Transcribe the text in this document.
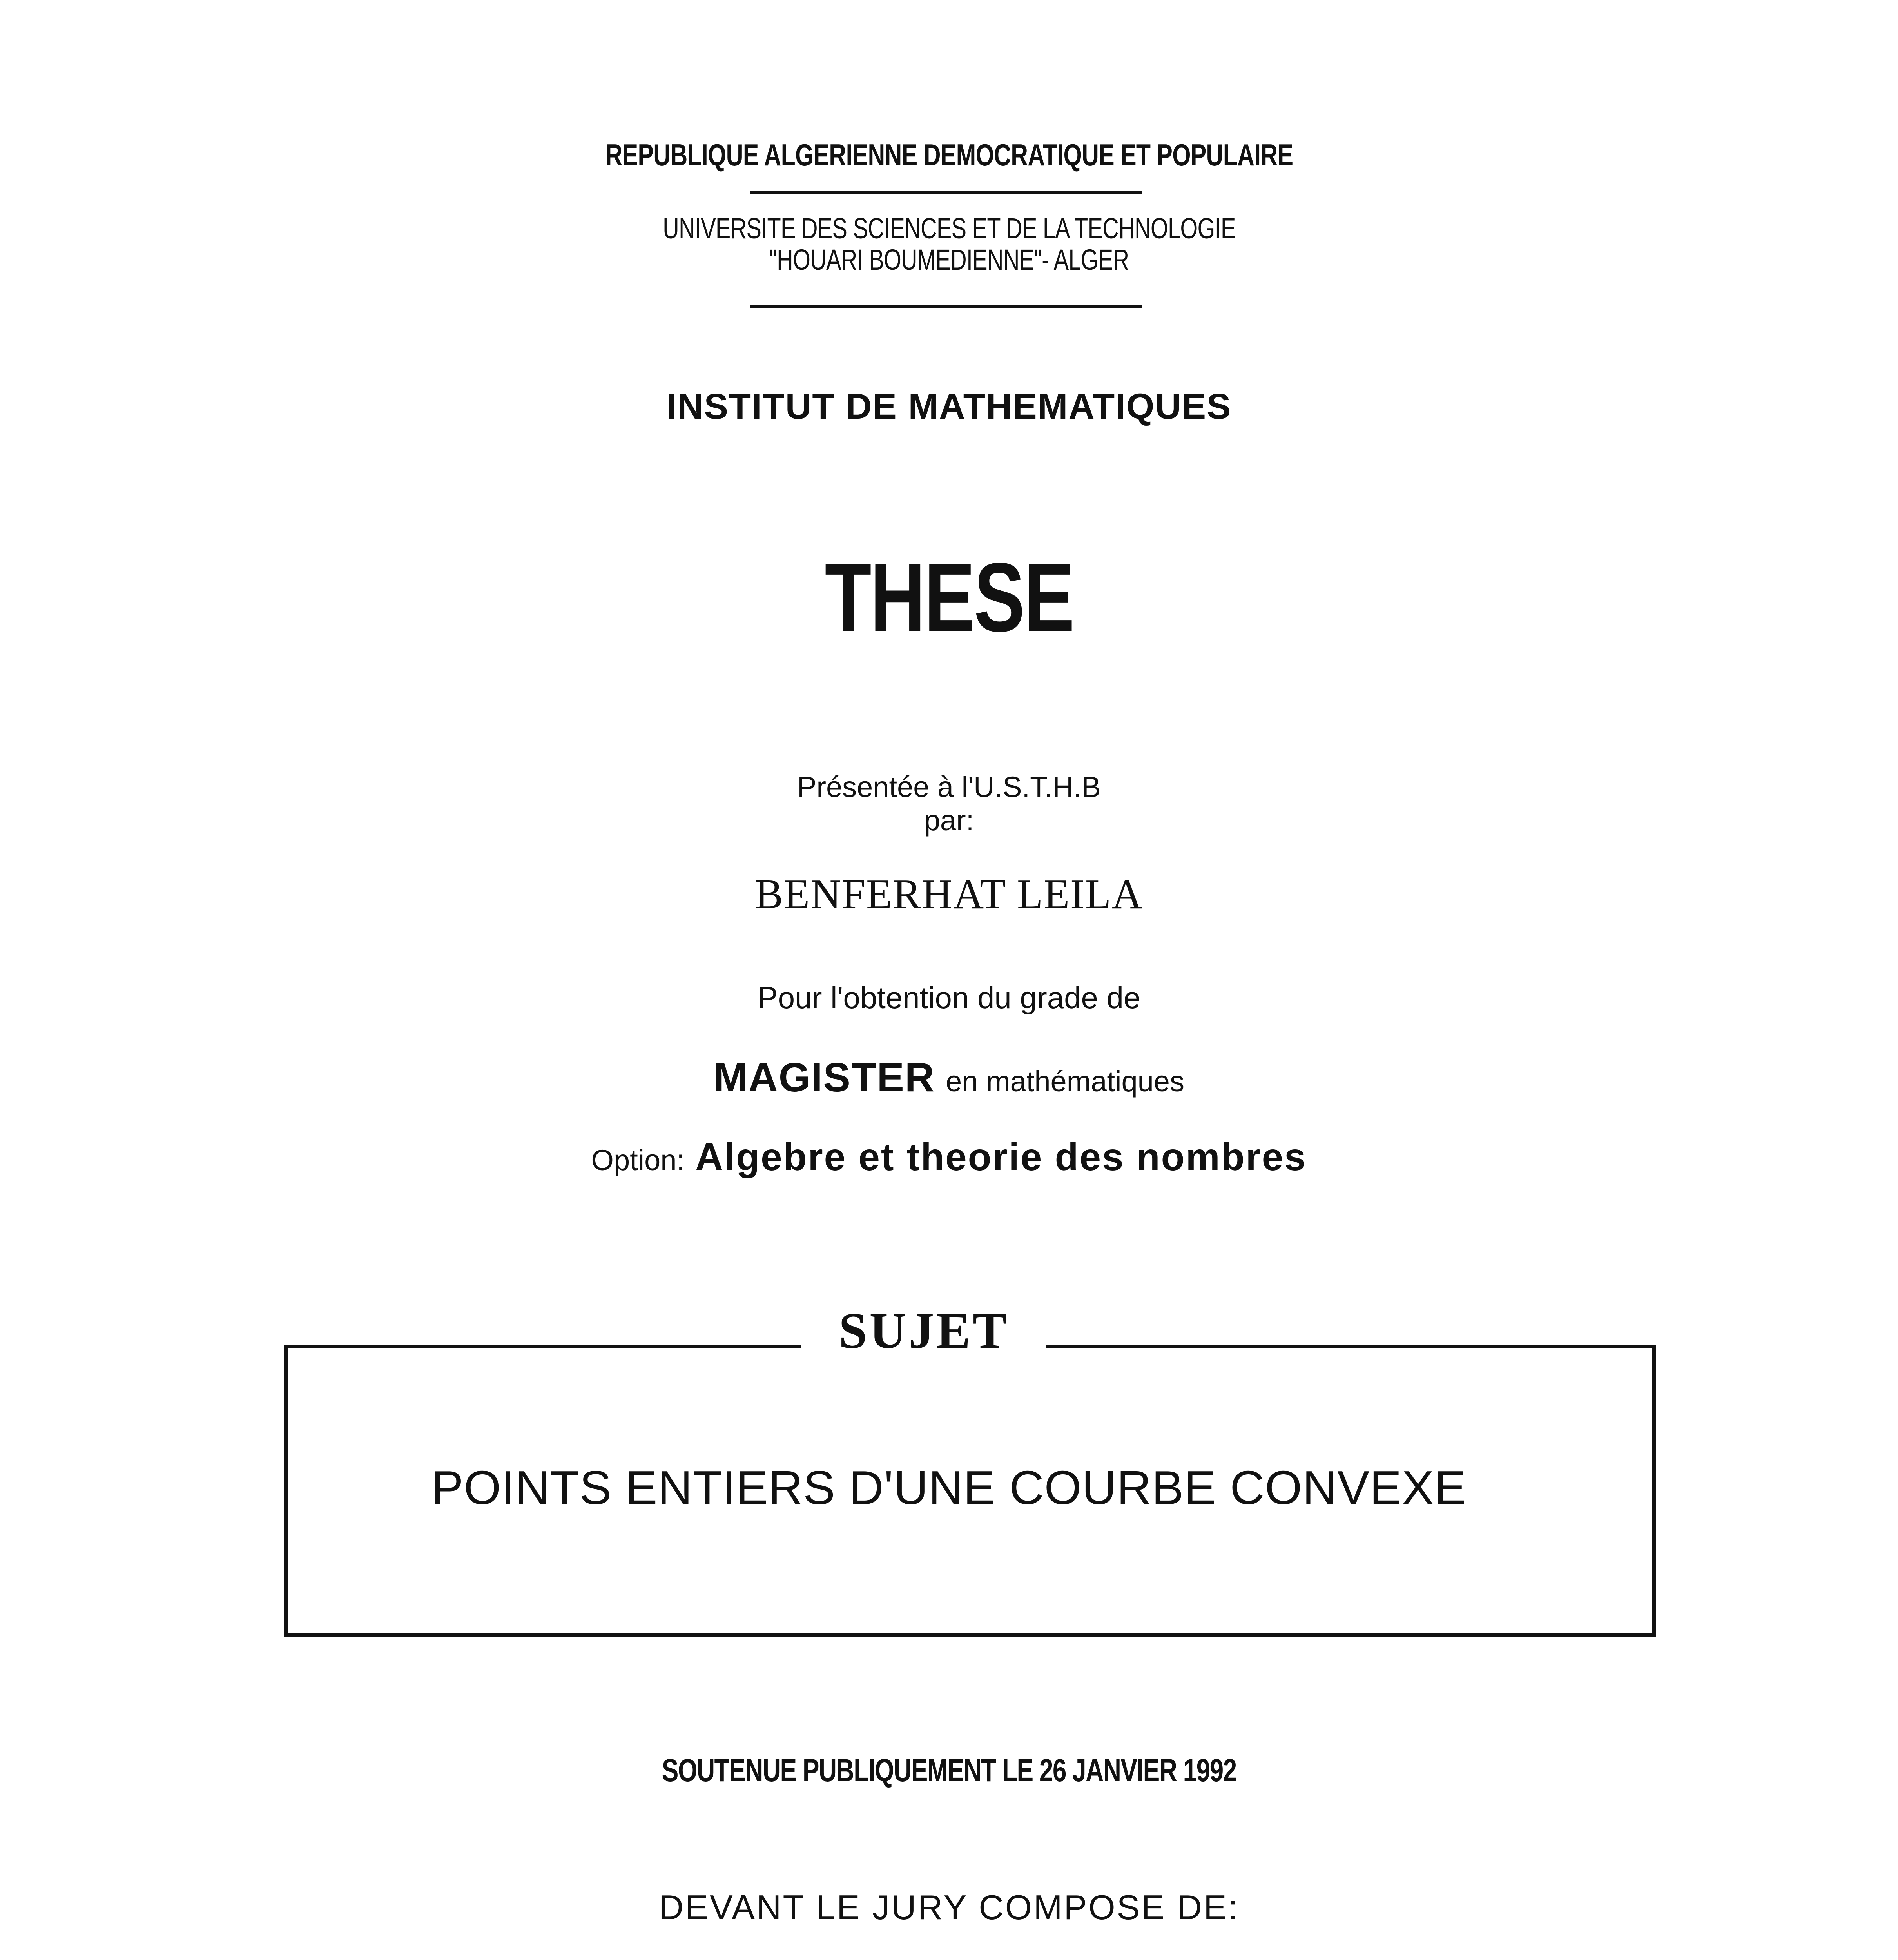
REPUBLIQUE ALGERIENNE DEMOCRATIQUE ET POPULAIRE
UNIVERSITE DES SCIENCES ET DE LA TECHNOLOGIE
"HOUARI BOUMEDIENNE"- ALGER
INSTITUT DE MATHEMATIQUES
THESE
Présentée à l'U.S.T.H.B
par:
BENFERHAT LEILA
Pour l'obtention du grade de
MAGISTER en mathématiques
Option: Algebre et theorie des nombres
SUJET
POINTS ENTIERS D'UNE COURBE CONVEXE
SOUTENUE PUBLIQUEMENT LE 26 JANVIER 1992
DEVANT LE JURY COMPOSE DE:
